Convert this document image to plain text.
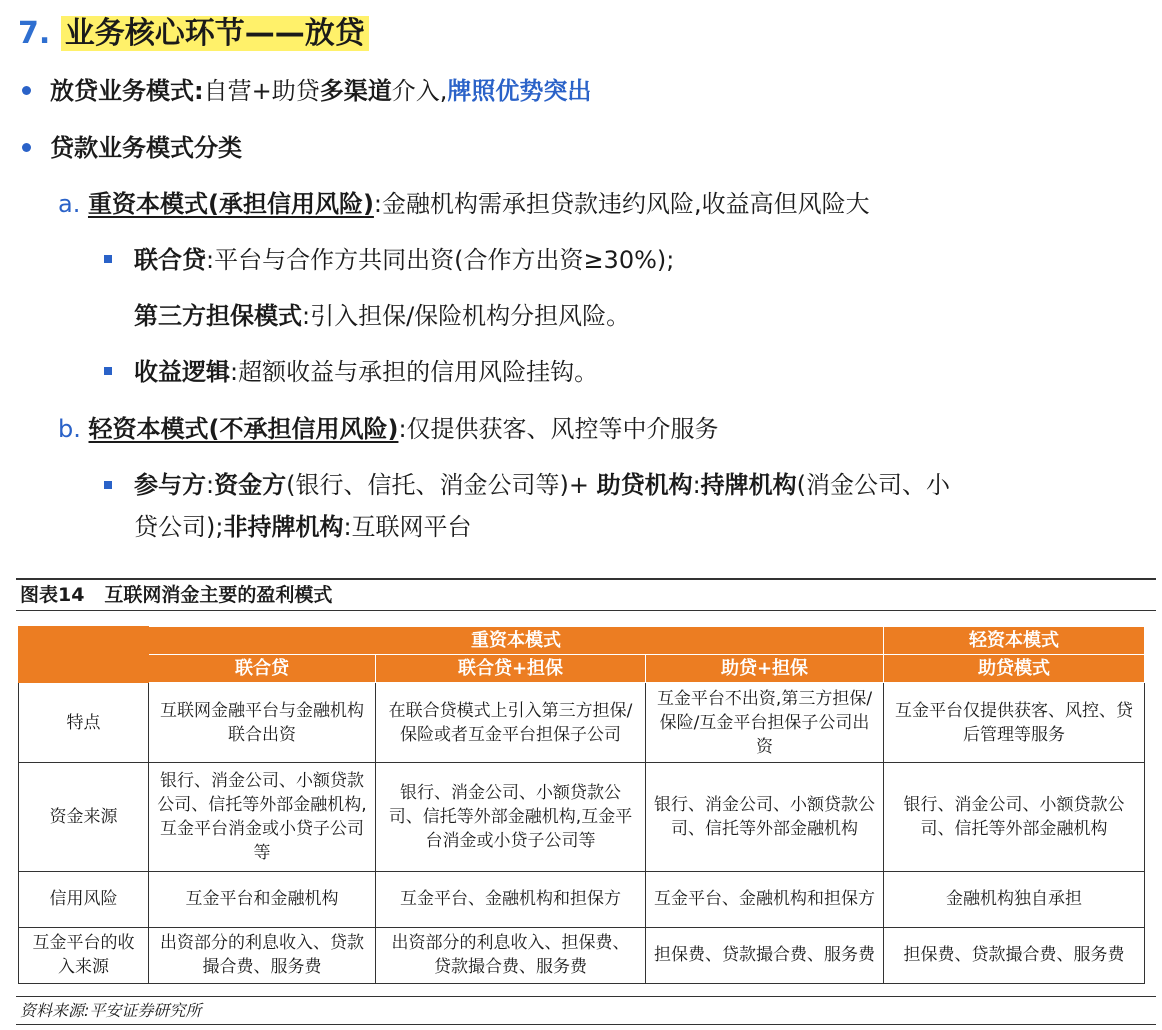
7. 业务核心环节——放贷
放贷业务模式:自营+助贷多渠道介入,牌照优势突出
贷款业务模式分类
a. 重资本模式(承担信用风险):金融机构需承担贷款违约风险,收益高但风险大
联合贷:平台与合作方共同出资(合作方出资≥30%);
第三方担保模式:引入担保/保险机构分担风险。
收益逻辑:超额收益与承担的信用风险挂钩。
b. 轻资本模式(不承担信用风险):仅提供获客、风控等中介服务
参与方:资金方(银行、信托、消金公司等)+ 助贷机构:持牌机构(消金公司、小
贷公司);非持牌机构:互联网平台
图表14 互联网消金主要的盈利模式
	重资本模式			轻资本模式
	联合贷	联合贷+担保	助贷+担保	助贷模式
特点	互联网金融平台与金融机构联合出资	在联合贷模式上引入第三方担保/保险或者互金平台担保子公司	互金平台不出资,第三方担保/保险/互金平台担保子公司出资	互金平台仅提供获客、风控、贷后管理等服务
资金来源	银行、消金公司、小额贷款公司、信托等外部金融机构,互金平台消金或小贷子公司等	银行、消金公司、小额贷款公司、信托等外部金融机构,互金平台消金或小贷子公司等	银行、消金公司、小额贷款公司、信托等外部金融机构	银行、消金公司、小额贷款公司、信托等外部金融机构
信用风险	互金平台和金融机构	互金平台、金融机构和担保方	互金平台、金融机构和担保方	金融机构独自承担
互金平台的收入来源	出资部分的利息收入、贷款撮合费、服务费	出资部分的利息收入、担保费、贷款撮合费、服务费	担保费、贷款撮合费、服务费	担保费、贷款撮合费、服务费
资料来源:平安证券研究所
